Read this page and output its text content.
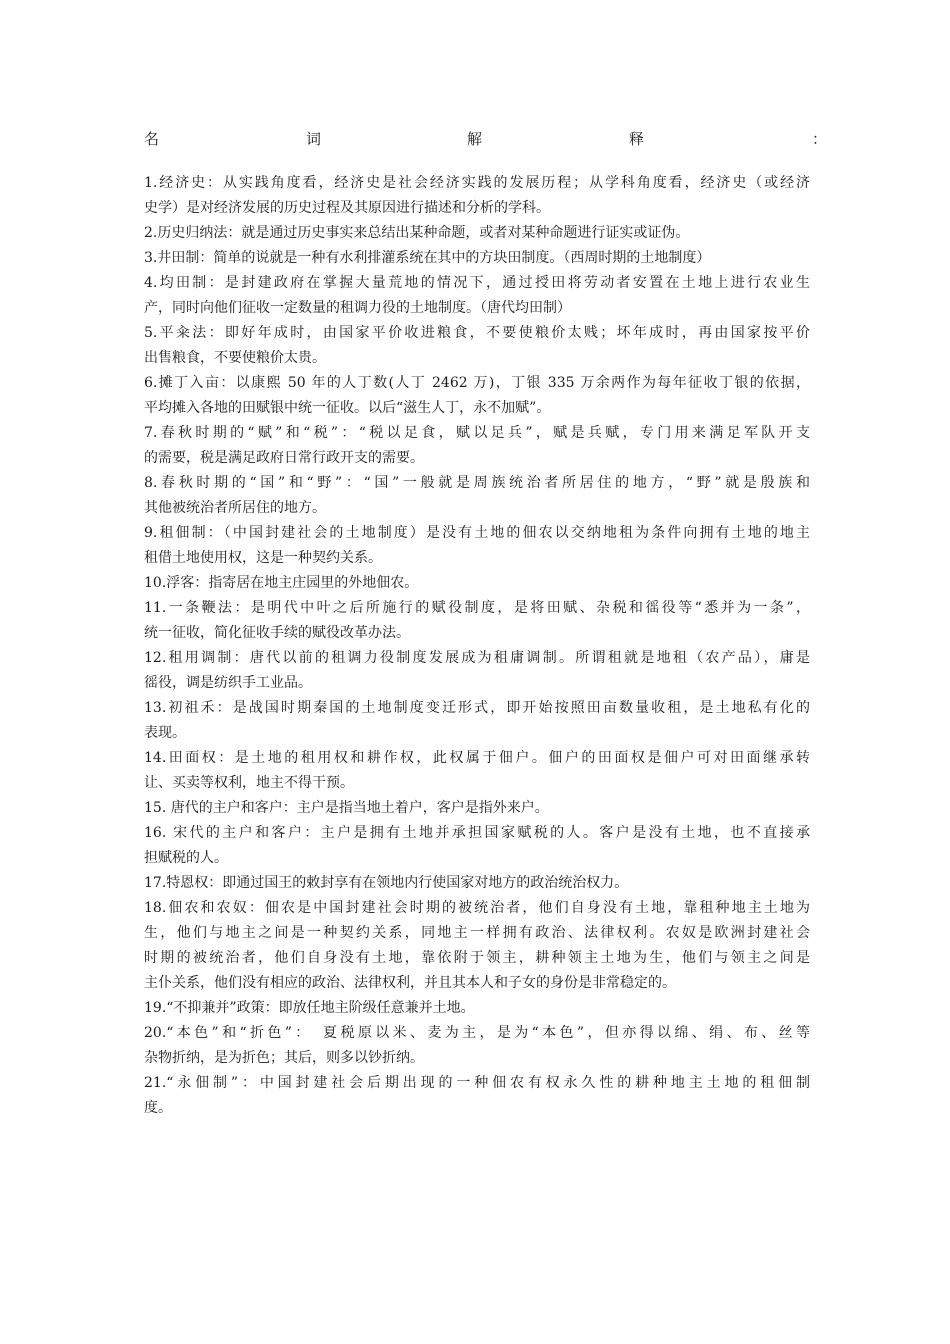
名	词	解	释	：
1.经济史：从实践角度看，经济史是社会经济实践的发展历程；从学科角度看，经济史（或经济
史学）是对经济发展的历史过程及其原因进行描述和分析的学科。
2.历史归纳法：就是通过历史事实来总结出某种命题，或者对某种命题进行证实或证伪。
3.井田制：简单的说就是一种有水利排灌系统在其中的方块田制度。（西周时期的土地制度）
4.均田制：是封建政府在掌握大量荒地的情况下，通过授田将劳动者安置在土地上进行农业生
产，同时向他们征收一定数量的租调力役的土地制度。（唐代均田制）
5.平籴法：即好年成时，由国家平价收进粮食，不要使粮价太贱；坏年成时，再由国家按平价
出售粮食，不要使粮价太贵。
6.摊丁入亩：以康熙 50 年的人丁数(人丁 2462 万)，丁银 335 万余两作为每年征收丁银的依据，
平均摊入各地的田赋银中统一征收。以后“滋生人丁，永不加赋”。
7.春秋时期的“赋”和“税”：“税以足食，赋以足兵”，赋是兵赋，专门用来满足军队开支
的需要，税是满足政府日常行政开支的需要。
8.春秋时期的“国”和“野”：“国”一般就是周族统治者所居住的地方，“野”就是殷族和
其他被统治者所居住的地方。
9.租佃制：（中国封建社会的土地制度）是没有土地的佃农以交纳地租为条件向拥有土地的地主
租借土地使用权，这是一种契约关系。
10.浮客：指寄居在地主庄园里的外地佃农。
11.一条鞭法：是明代中叶之后所施行的赋役制度，是将田赋、杂税和徭役等“悉并为一条”，
统一征收，简化征收手续的赋役改革办法。
12.租用调制：唐代以前的租调力役制度发展成为租庸调制。所谓租就是地租（农产品），庸是
徭役，调是纺织手工业品。
13.初祖禾：是战国时期秦国的土地制度变迁形式，即开始按照田亩数量收租，是土地私有化的
表现。
14.田面权：是土地的租用权和耕作权，此权属于佃户。佃户的田面权是佃户可对田面继承转
让、买卖等权利，地主不得干预。
15. 唐代的主户和客户：主户是指当地土着户，客户是指外来户。
16. 宋代的主户和客户：主户是拥有土地并承担国家赋税的人。客户是没有土地，也不直接承
担赋税的人。
17.特恩权：即通过国王的敕封享有在领地内行使国家对地方的政治统治权力。
18.佃农和农奴：佃农是中国封建社会时期的被统治者，他们自身没有土地，靠租种地主土地为
生，他们与地主之间是一种契约关系，同地主一样拥有政治、法律权利。农奴是欧洲封建社会
时期的被统治者，他们自身没有土地，靠依附于领主，耕种领主土地为生，他们与领主之间是
主仆关系，他们没有相应的政治、法律权利，并且其本人和子女的身份是非常稳定的。
19.“不抑兼并”政策：即放任地主阶级任意兼并土地。
20.“本色”和“折色”：　夏税原以米、麦为主，是为“本色”，但亦得以绵、绢、布、丝等
杂物折纳，是为折色；其后，则多以钞折纳。
21.“永佃制”：中国封建社会后期出现的一种佃农有权永久性的耕种地主土地的租佃制
度。
